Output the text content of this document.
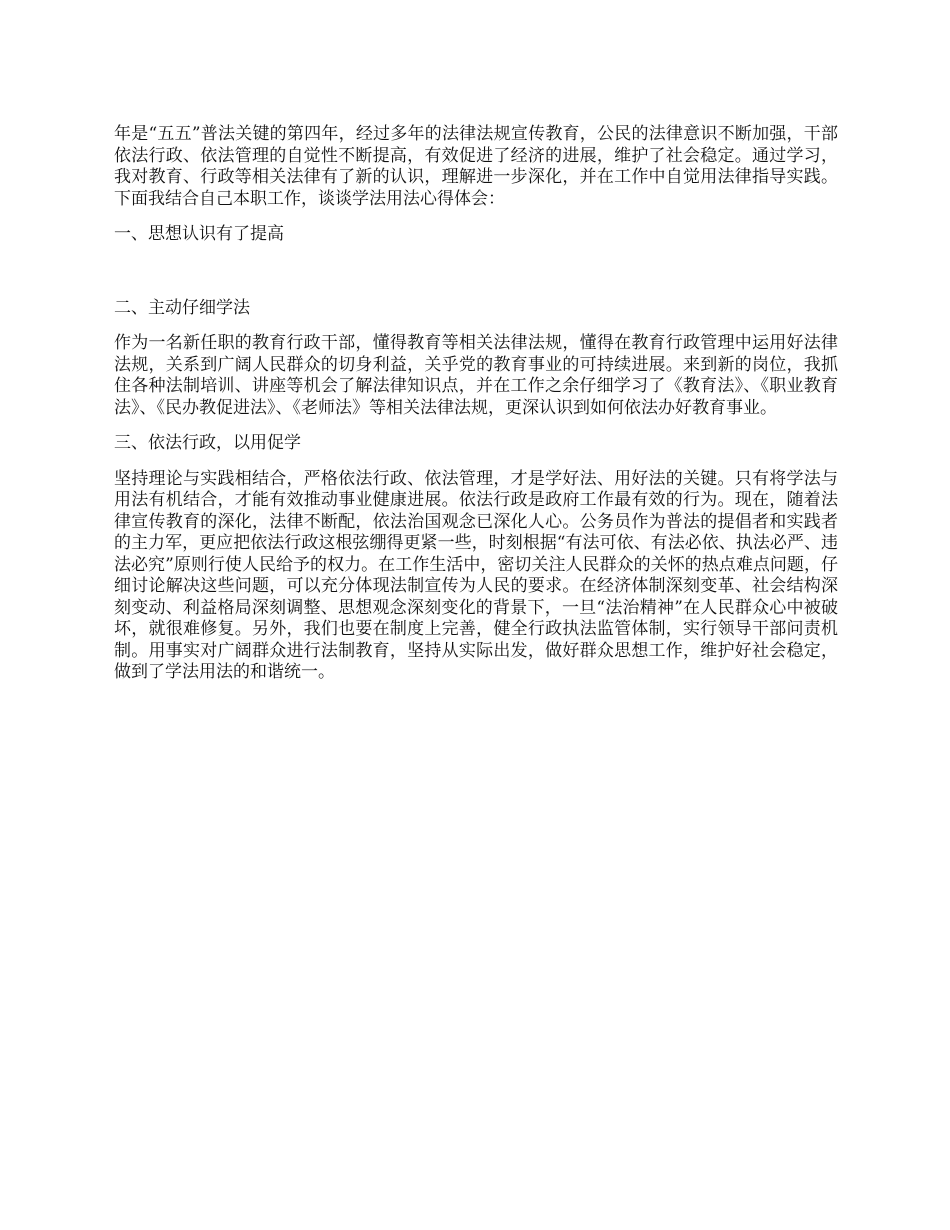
年是“五五”普法关键的第四年，经过多年的法律法规宣传教育，公民的法律意识不断加强，干部依法行政、依法管理的自觉性不断提高，有效促进了经济的进展，维护了社会稳定。通过学习，我对教育、行政等相关法律有了新的认识，理解进一步深化，并在工作中自觉用法律指导实践。下面我结合自己本职工作，谈谈学法用法心得体会：

一、思想认识有了提高

二、主动仔细学法

作为一名新任职的教育行政干部，懂得教育等相关法律法规，懂得在教育行政管理中运用好法律法规，关系到广阔人民群众的切身利益，关乎党的教育事业的可持续进展。来到新的岗位，我抓住各种法制培训、讲座等机会了解法律知识点，并在工作之余仔细学习了《教育法》、《职业教育法》、《民办教促进法》、《老师法》等相关法律法规，更深认识到如何依法办好教育事业。

三、依法行政，以用促学

坚持理论与实践相结合，严格依法行政、依法管理，才是学好法、用好法的关键。只有将学法与用法有机结合，才能有效推动事业健康进展。依法行政是政府工作最有效的行为。现在，随着法律宣传教育的深化，法律不断配，依法治国观念已深化人心。公务员作为普法的提倡者和实践者的主力军，更应把依法行政这根弦绷得更紧一些，时刻根据“有法可依、有法必依、执法必严、违法必究”原则行使人民给予的权力。在工作生活中，密切关注人民群众的关怀的热点难点问题，仔细讨论解决这些问题，可以充分体现法制宣传为人民的要求。在经济体制深刻变革、社会结构深刻变动、利益格局深刻调整、思想观念深刻变化的背景下，一旦“法治精神”在人民群众心中被破坏，就很难修复。另外，我们也要在制度上完善，健全行政执法监管体制，实行领导干部问责机制。用事实对广阔群众进行法制教育，坚持从实际出发，做好群众思想工作，维护好社会稳定，做到了学法用法的和谐统一。
